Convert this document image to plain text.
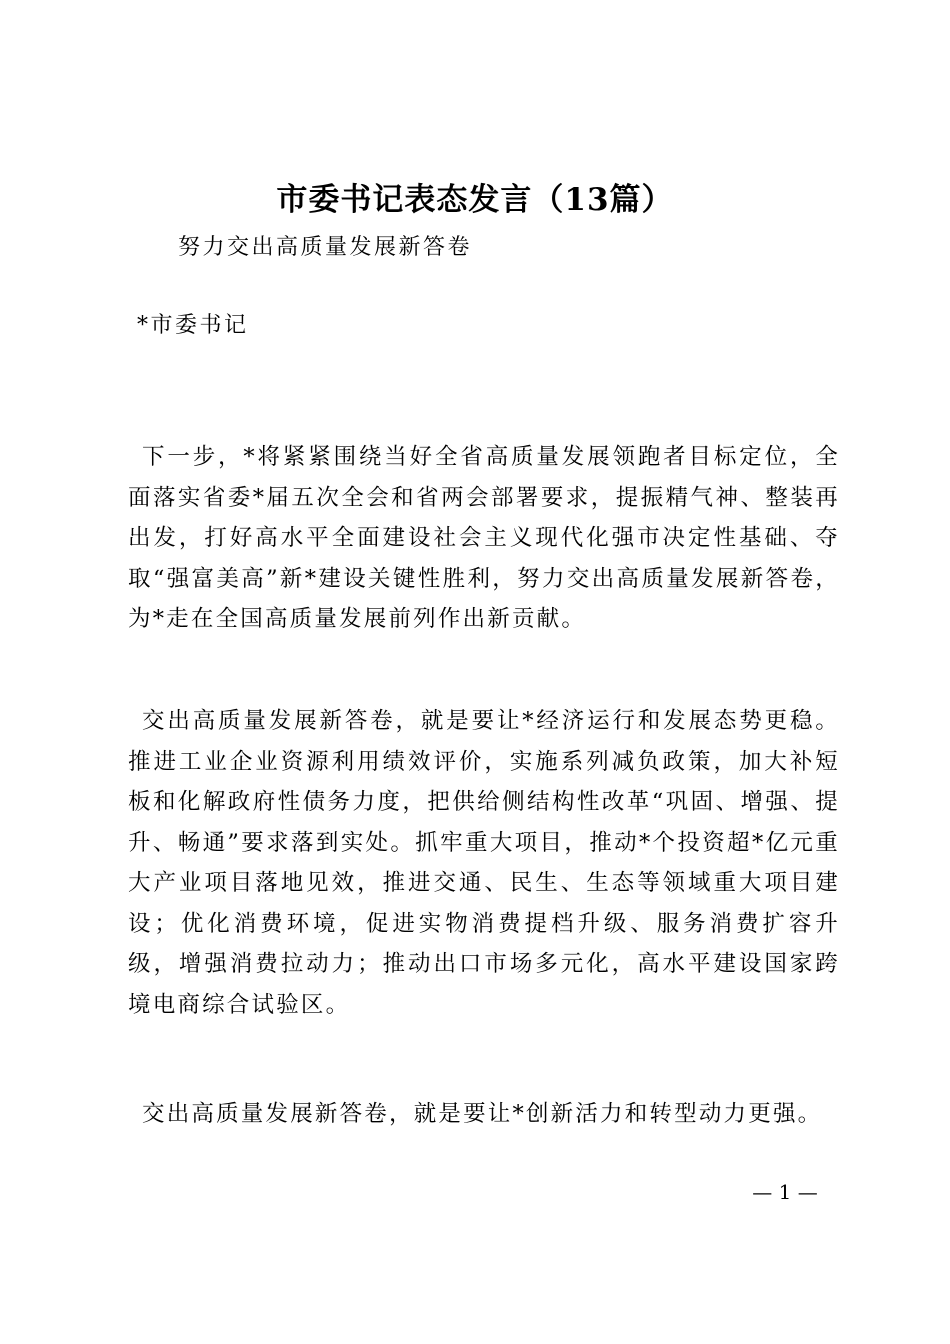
市委书记表态发言（13篇）
努力交出高质量发展新答卷
*市委书记

下一步，*将紧紧围绕当好全省高质量发展领跑者目标定位，全面落实省委*届五次全会和省两会部署要求，提振精气神、整装再出发，打好高水平全面建设社会主义现代化强市决定性基础、夺取“强富美高”新*建设关键性胜利，努力交出高质量发展新答卷，为*走在全国高质量发展前列作出新贡献。

交出高质量发展新答卷，就是要让*经济运行和发展态势更稳。推进工业企业资源利用绩效评价，实施系列减负政策，加大补短板和化解政府性债务力度，把供给侧结构性改革“巩固、增强、提升、畅通”要求落到实处。抓牢重大项目，推动*个投资超*亿元重大产业项目落地见效，推进交通、民生、生态等领域重大项目建设；优化消费环境，促进实物消费提档升级、服务消费扩容升级，增强消费拉动力；推动出口市场多元化，高水平建设国家跨境电商综合试验区。

交出高质量发展新答卷，就是要让*创新活力和转型动力更强。

— 1 —
